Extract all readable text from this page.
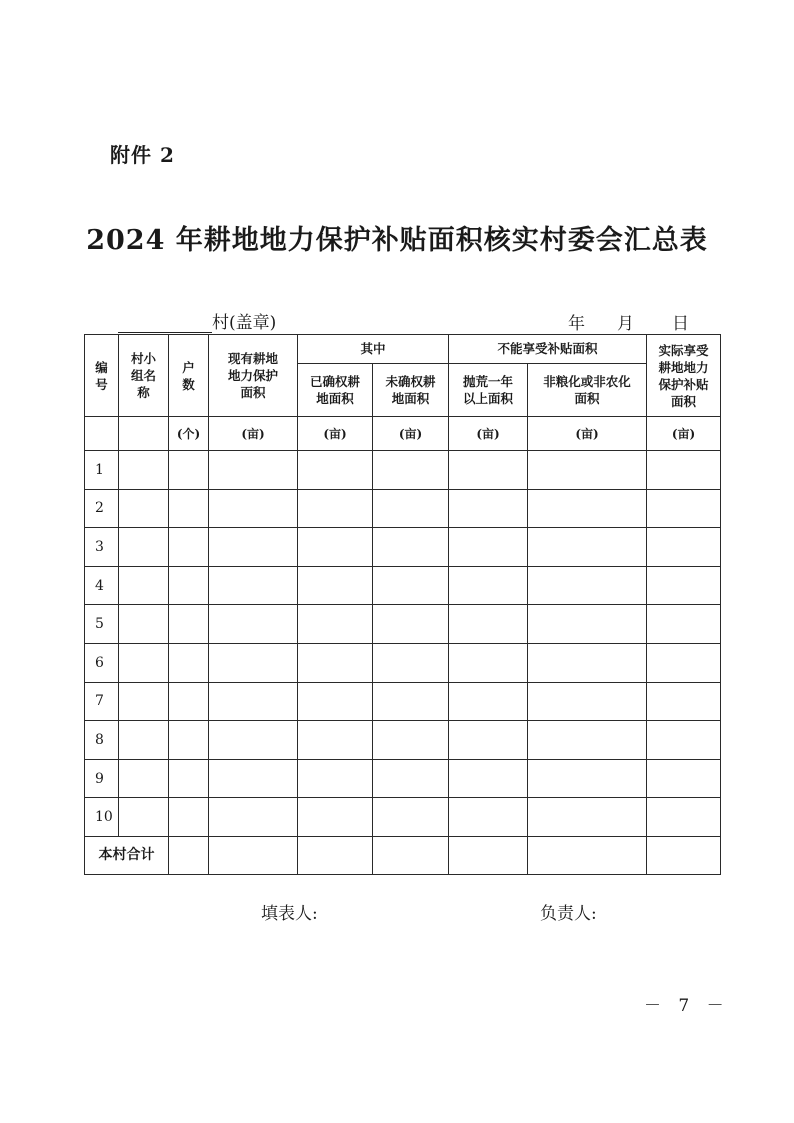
附件 2
2024 年耕地地力保护补贴面积核实村委会汇总表
村(盖章)	年 月 日
编号	村小组名称	户数	现有耕地地力保护面积	其中		不能享受补贴面积		实际享受耕地地力保护补贴面积
				已确权耕地面积	未确权耕地面积	抛荒一年以上面积	非粮化或非农化面积	
		(个)	(亩)	(亩)	(亩)	(亩)	(亩)	(亩)
1								
2								
3								
4								
5								
6								
7								
8								
9								
10								
本村合计								
填表人:	负责人:
－ 7 －
